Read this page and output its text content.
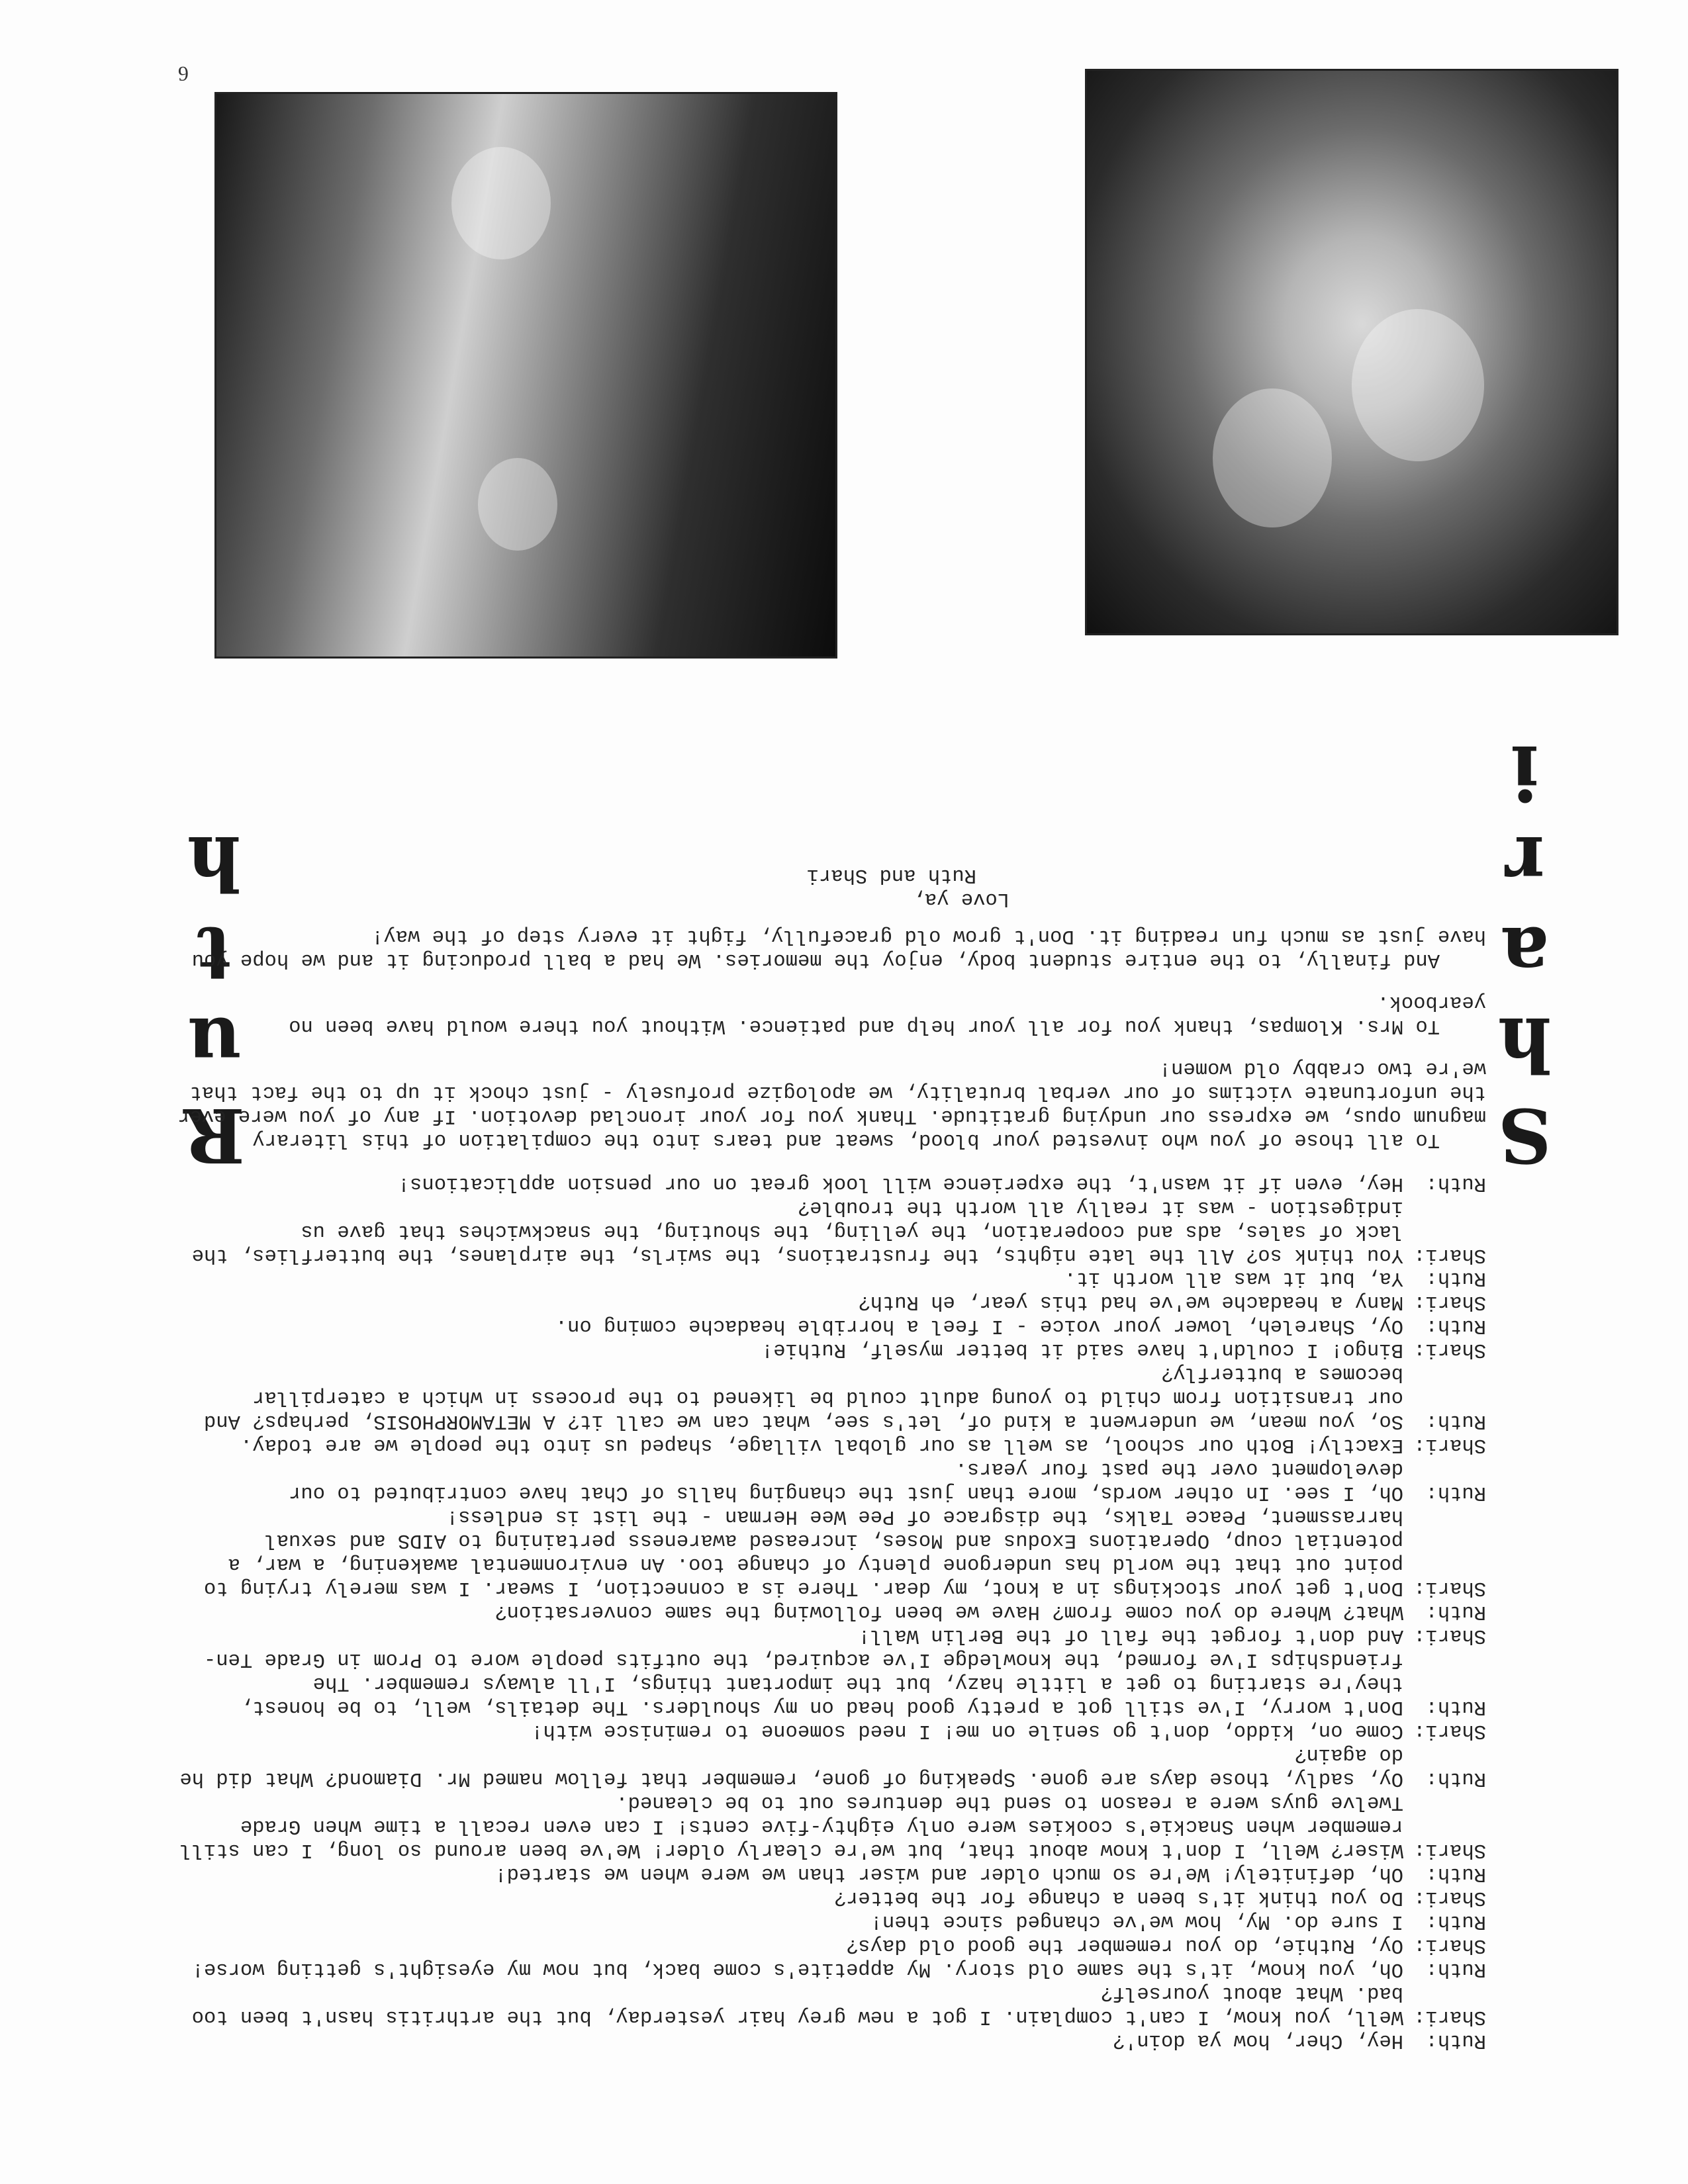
6
Shari
Ruth
Ruth:
Hey, Cher, how ya doin'?
Shari:
Well, you know, I can't complain. I got a new grey hair yesterday, but the arthritis hasn't been too bad. What about yourself?
Ruth:
Oh, you know, it's the same old story. My appetite's come back, but now my eyesight's getting worse!
Shari:
Oy, Ruthie, do you remember the good old days?
Ruth:
I sure do. My, how we've changed since then!
Shari:
Do you think it's been a change for the better?
Ruth:
Oh, definitely! We're so much older and wiser than we were when we started!
Shari:
Wiser? Well, I don't know about that, but we're clearly older! We've been around so long, I can still remember when Snackie's cookies were only eighty-five cents! I can even recall a time when Grade Twelve guys were a reason to send the dentures out to be cleaned.
Ruth:
Oy, sadly, those days are gone. Speaking of gone, remember that fellow named Mr. Diamond? What did he do again?
Shari:
Come on, kiddo, don't go senile on me! I need someone to reminisce with!
Ruth:
Don't worry, I've still got a pretty good head on my shoulders. The details, well, to be honest, they're starting to get a little hazy, but the important things, I'll always remember. The friendships I've formed, the knowledge I've acquired, the outfits people wore to Prom in Grade Ten-
Shari:
And don't forget the fall of the Berlin Wall!
Ruth:
What? Where do you come from? Have we been following the same conversation?
Shari:
Don't get your stockings in a knot, my dear. There is a connection, I swear. I was merely trying to point out that the world has undergone plenty of change too. An environmental awakening, a war, a potential coup, Operations Exodus and Moses, increased awareness pertaining to AIDS and sexual harrassment, Peace Talks, the disgrace of Pee Wee Herman - the list is endless!
Ruth:
Oh, I see. In other words, more than just the changing halls of Chat have contributed to our development over the past four years.
Shari:
Exactly! Both our school, as well as our global village, shaped us into the people we are today.
Ruth:
So, you mean, we underwent a kind of, let's see, what can we call it? A METAMORPHOSIS, perhaps? And our transition from child to young adult could be likened to the process in which a caterpillar becomes a butterfly?
Shari:
Bingo! I couldn't have said it better myself, Ruthie!
Ruth:
Oy, Shareleh, lower your voice - I feel a horrible headache coming on.
Shari:
Many a headache we've had this year, eh Ruth?
Ruth:
Ya, but it was all worth it.
Shari:
You think so? All the late nights, the frustrations, the swirls, the airplanes, the butterflies, the lack of sales, ads and cooperation, the yelling, the shouting, the snackwiches that gave us indigestion - was it really all worth the trouble?
Ruth:
Hey, even if it wasn't, the experience will look great on our pension applications!
To all those of you who invested your blood, sweat and tears into the compilation of this literary magnum opus, we express our undying gratitude. Thank you for your ironclad devotion. If any of you were ever the unfortunate victims of our verbal brutality, we apologize profusely - just chock it up to the fact that we're two crabby old women!
To Mrs. Klompas, thank you for all your help and patience. Without you there would have been no yearbook.
And finally, to the entire student body, enjoy the memories. We had a ball producing it and we hope you have just as much fun reading it. Don't grow old gracefully, fight it every step of the way!
Love ya,
Ruth and Shari
